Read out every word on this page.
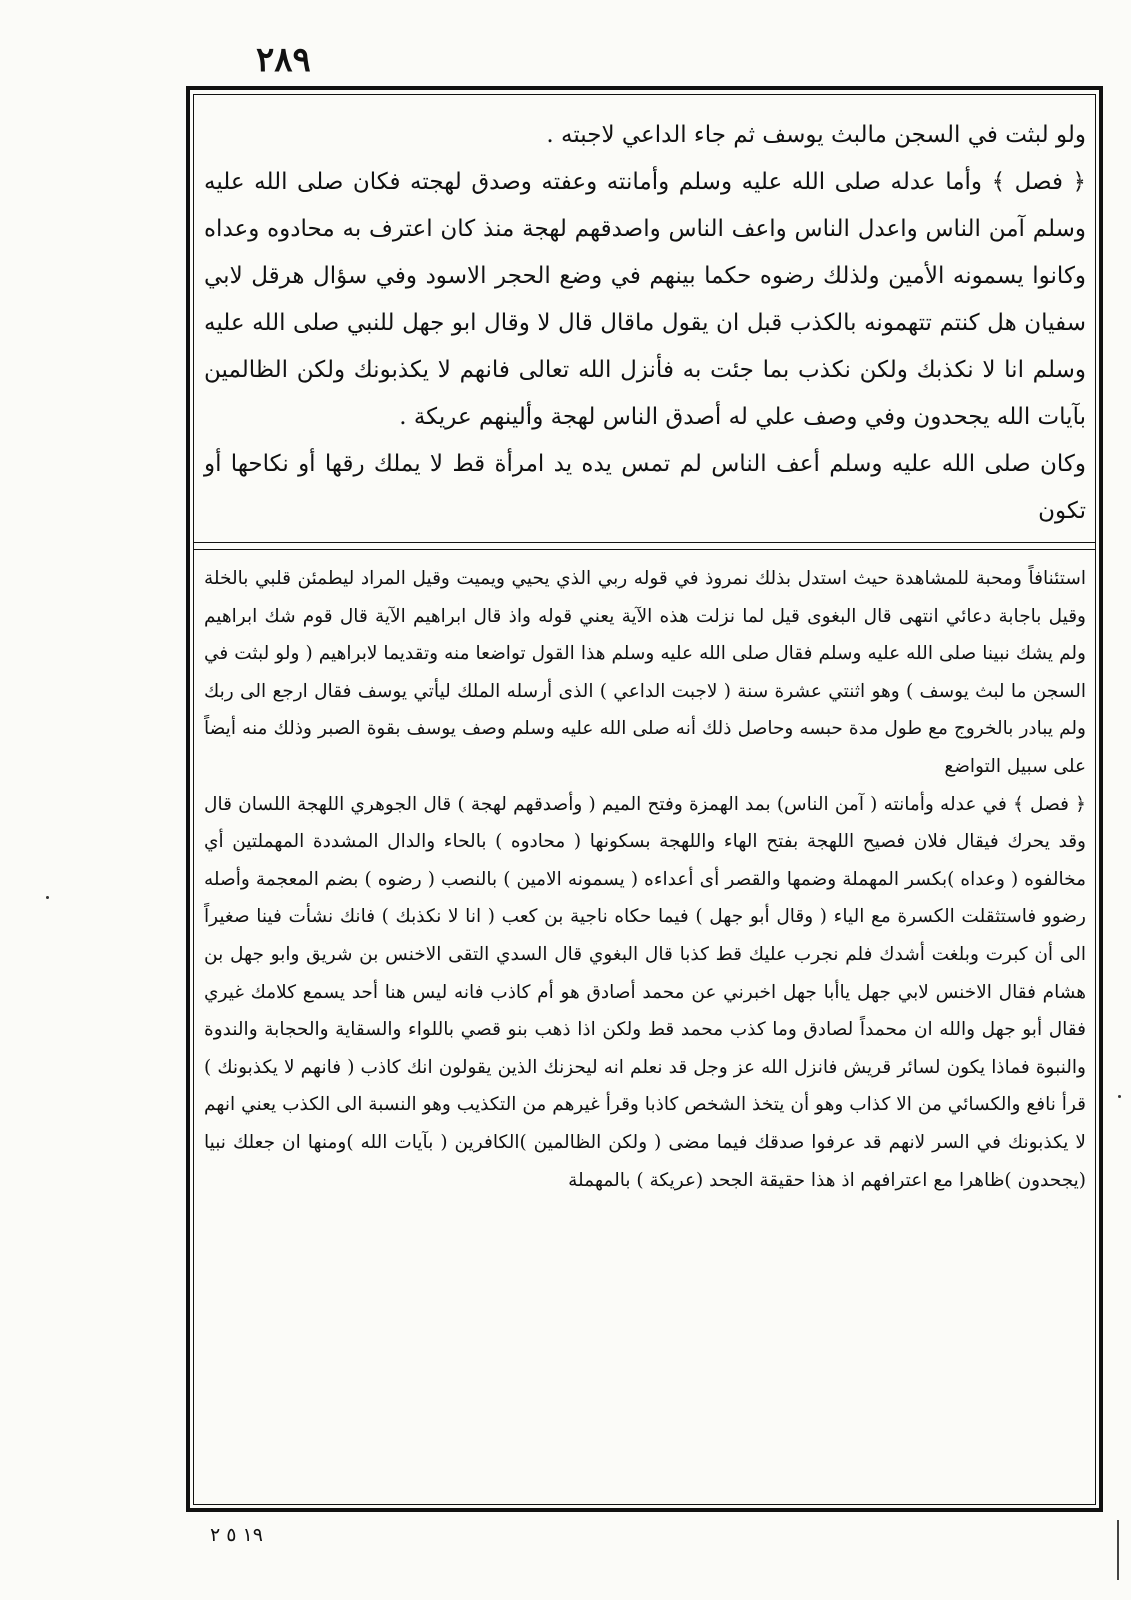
٢٨٩

ولو لبثت في السجن مالبث يوسف ثم جاء الداعي لاجبته .

﴿ فصل ﴾ وأما عدله صلى الله عليه وسلم وأمانته وعفته وصدق لهجته فكان صلى الله عليه وسلم آمن الناس واعدل الناس واعف الناس واصدقهم لهجة منذ كان اعترف به محادوه وعداه وكانوا يسمونه الأمين ولذلك رضوه حكما بينهم في وضع الحجر الاسود وفي سؤال هرقل لابي سفيان هل كنتم تتهمونه بالكذب قبل ان يقول ماقال قال لا وقال ابو جهل للنبي صلى الله عليه وسلم انا لا نكذبك ولكن نكذب بما جئت به فأنزل الله تعالى فانهم لا يكذبونك ولكن الظالمين بآيات الله يجحدون وفي وصف علي له أصدق الناس لهجة وألينهم عريكة .

وكان صلى الله عليه وسلم أعف الناس لم تمس يده يد امرأة قط لا يملك رقها أو نكاحها أو تكون

استئنافاً ومحبة للمشاهدة حيث استدل بذلك نمروذ في قوله ربي الذي يحيي ويميت وقيل المراد ليطمئن قلبي بالخلة وقيل باجابة دعائي انتهى قال البغوى قيل لما نزلت هذه الآية يعني قوله واذ قال ابراهيم الآية قال قوم شك ابراهيم ولم يشك نبينا صلى الله عليه وسلم فقال صلى الله عليه وسلم هذا القول تواضعا منه وتقديما لابراهيم ( ولو لبثت في السجن ما لبث يوسف ) وهو اثنتي عشرة سنة ( لاجبت الداعي ) الذى أرسله الملك ليأتي يوسف فقال ارجع الى ربك ولم يبادر بالخروج مع طول مدة حبسه وحاصل ذلك أنه صلى الله عليه وسلم وصف يوسف بقوة الصبر وذلك منه أيضاً على سبيل التواضع

﴿ فصل ﴾ في عدله وأمانته ( آمن الناس) بمد الهمزة وفتح الميم ( وأصدقهم لهجة ) قال الجوهري اللهجة اللسان قال وقد يحرك فيقال فلان فصيح اللهجة بفتح الهاء واللهجة بسكونها ( محادوه ) بالحاء والدال المشددة المهملتين أي مخالفوه ( وعداه )بكسر المهملة وضمها والقصر أى أعداءه ( يسمونه الامين ) بالنصب ( رضوه ) بضم المعجمة وأصله رضوو فاستثقلت الكسرة مع الياء ( وقال أبو جهل ) فيما حكاه ناجية بن كعب ( انا لا نكذبك ) فانك نشأت فينا صغيراً الى أن كبرت وبلغت أشدك فلم نجرب عليك قط كذبا قال البغوي قال السدي التقى الاخنس بن شريق وابو جهل بن هشام فقال الاخنس لابي جهل ياأبا جهل اخبرني عن محمد أصادق هو أم كاذب فانه ليس هنا أحد يسمع كلامك غيري فقال أبو جهل والله ان محمداً لصادق وما كذب محمد قط ولكن اذا ذهب بنو قصي باللواء والسقاية والحجابة والندوة والنبوة فماذا يكون لسائر قريش فانزل الله عز وجل قد نعلم انه ليحزنك الذين يقولون انك كاذب ( فانهم لا يكذبونك ) قرأ نافع والكسائي من الا كذاب وهو أن يتخذ الشخص كاذبا وقرأ غيرهم من التكذيب وهو النسبة الى الكذب يعني انهم لا يكذبونك في السر لانهم قد عرفوا صدقك فيما مضى ( ولكن الظالمين )الكافرين ( بآيات الله )ومنها ان جعلك نبيا (يجحدون )ظاهرا مع اعترافهم اذ هذا حقيقة الجحد (عريكة ) بالمهملة

١٩ ٥ ٢
